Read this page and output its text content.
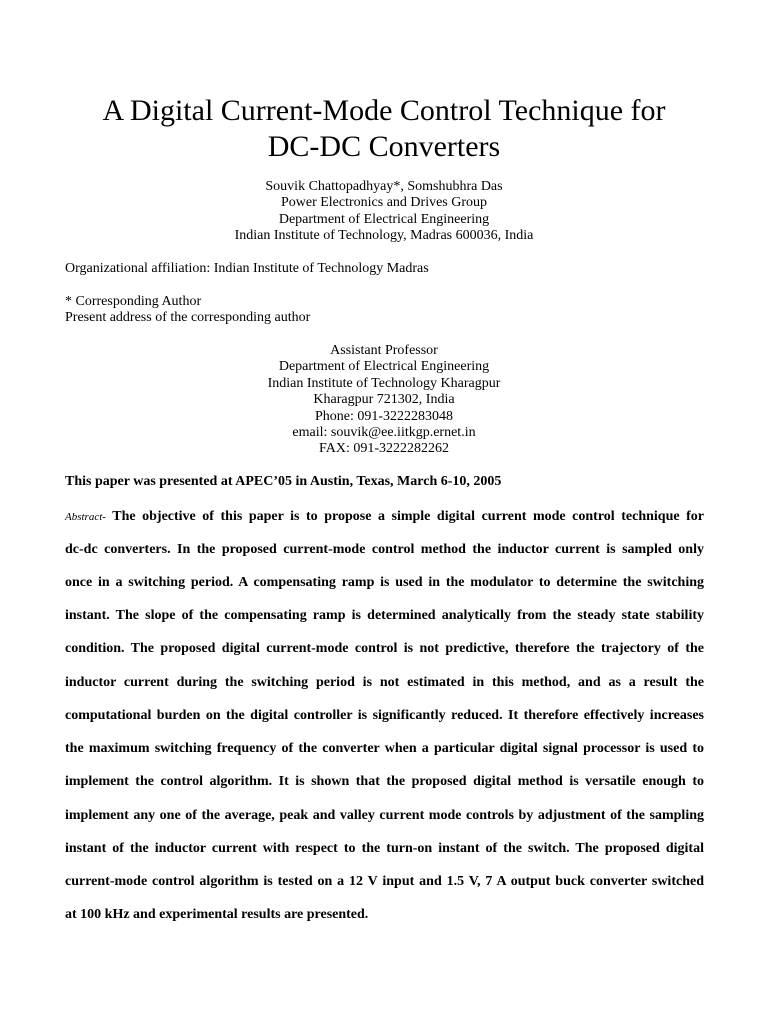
A Digital Current-Mode Control Technique for
DC-DC Converters
Souvik Chattopadhyay*, Somshubhra Das
Power Electronics and Drives Group
Department of Electrical Engineering
Indian Institute of Technology, Madras 600036, India
Organizational affiliation: Indian Institute of Technology Madras
* Corresponding Author
Present address of the corresponding author
Assistant Professor
Department of Electrical Engineering
Indian Institute of Technology Kharagpur
Kharagpur 721302, India
Phone: 091-3222283048
email: souvik@ee.iitkgp.ernet.in
FAX: 091-3222282262
This paper was presented at APEC’05 in Austin, Texas, March 6-10, 2005
Abstract- The objective of this paper is to propose a simple digital current mode control technique for
dc-dc converters. In the proposed current-mode control method the inductor current is sampled only
once in a switching period. A compensating ramp is used in the modulator to determine the switching
instant. The slope of the compensating ramp is determined analytically from the steady state stability
condition. The proposed digital current-mode control is not predictive, therefore the trajectory of the
inductor current during the switching period is not estimated in this method, and as a result the
computational burden on the digital controller is significantly reduced. It therefore effectively increases
the maximum switching frequency of the converter when a particular digital signal processor is used to
implement the control algorithm. It is shown that the proposed digital method is versatile enough to
implement any one of the average, peak and valley current mode controls by adjustment of the sampling
instant of the inductor current with respect to the turn-on instant of the switch. The proposed digital
current-mode control algorithm is tested on a 12 V input and 1.5 V, 7 A output buck converter switched
at 100 kHz and experimental results are presented.
